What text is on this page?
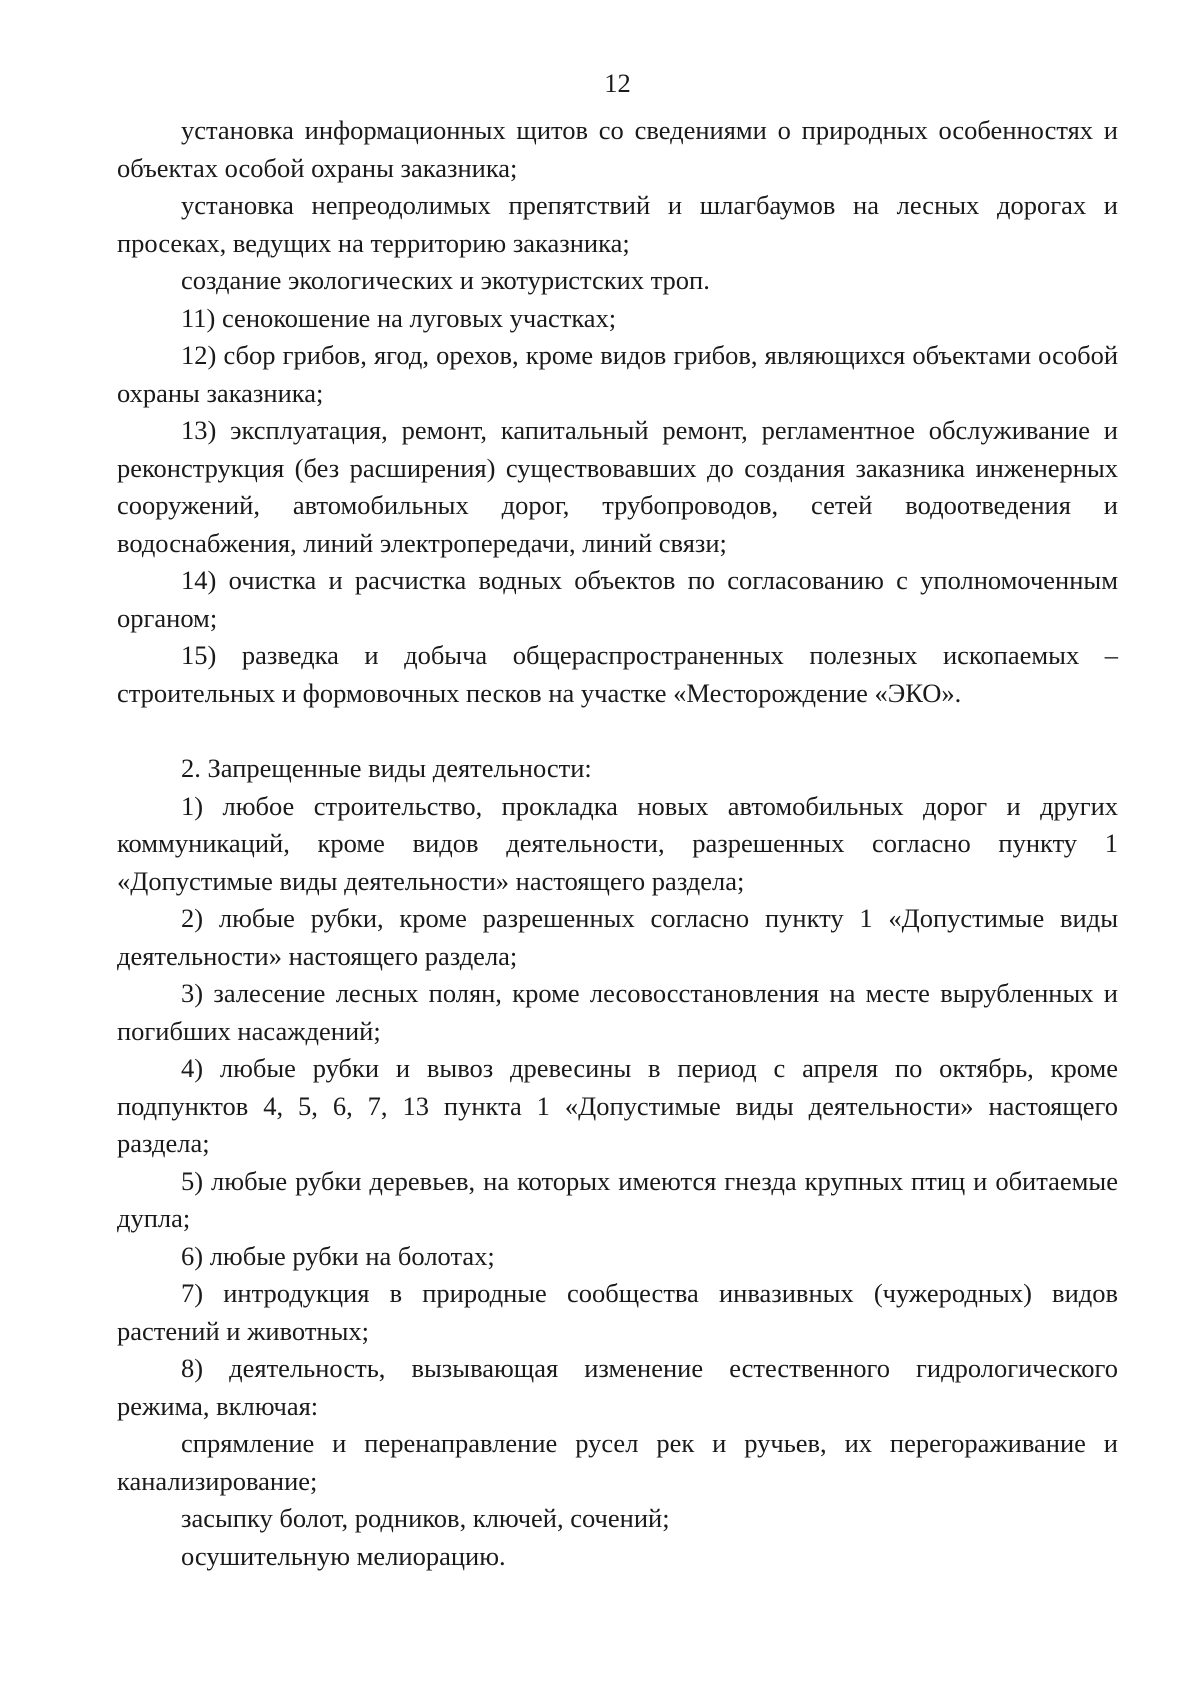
12

установка информационных щитов со сведениями о природных особенностях и объектах особой охраны заказника;

установка непреодолимых препятствий и шлагбаумов на лесных дорогах и просеках, ведущих на территорию заказника;

создание экологических и экотуристских троп.

11) сенокошение на луговых участках;

12) сбор грибов, ягод, орехов, кроме видов грибов, являющихся объектами особой охраны заказника;

13) эксплуатация, ремонт, капитальный ремонт, регламентное обслуживание и реконструкция (без расширения) существовавших до создания заказника инженерных сооружений, автомобильных дорог, трубопроводов, сетей водоотведения и водоснабжения, линий электропередачи, линий связи;

14) очистка и расчистка водных объектов по согласованию с уполномоченным органом;

15) разведка и добыча общераспространенных полезных ископаемых – строительных и формовочных песков на участке «Месторождение «ЭКО».

2. Запрещенные виды деятельности:

1) любое строительство, прокладка новых автомобильных дорог и других коммуникаций, кроме видов деятельности, разрешенных согласно пункту 1 «Допустимые виды деятельности» настоящего раздела;

2) любые рубки, кроме разрешенных согласно пункту 1 «Допустимые виды деятельности» настоящего раздела;

3) залесение лесных полян, кроме лесовосстановления на месте вырубленных и погибших насаждений;

4) любые рубки и вывоз древесины в период с апреля по октябрь, кроме подпунктов 4, 5, 6, 7, 13 пункта 1 «Допустимые виды деятельности» настоящего раздела;

5) любые рубки деревьев, на которых имеются гнезда крупных птиц и обитаемые дупла;

6) любые рубки на болотах;

7) интродукция в природные сообщества инвазивных (чужеродных) видов растений и животных;

8) деятельность, вызывающая изменение естественного гидрологического режима, включая:

спрямление и перенаправление русел рек и ручьев, их перегораживание и канализирование;

засыпку болот, родников, ключей, сочений;

осушительную мелиорацию.
